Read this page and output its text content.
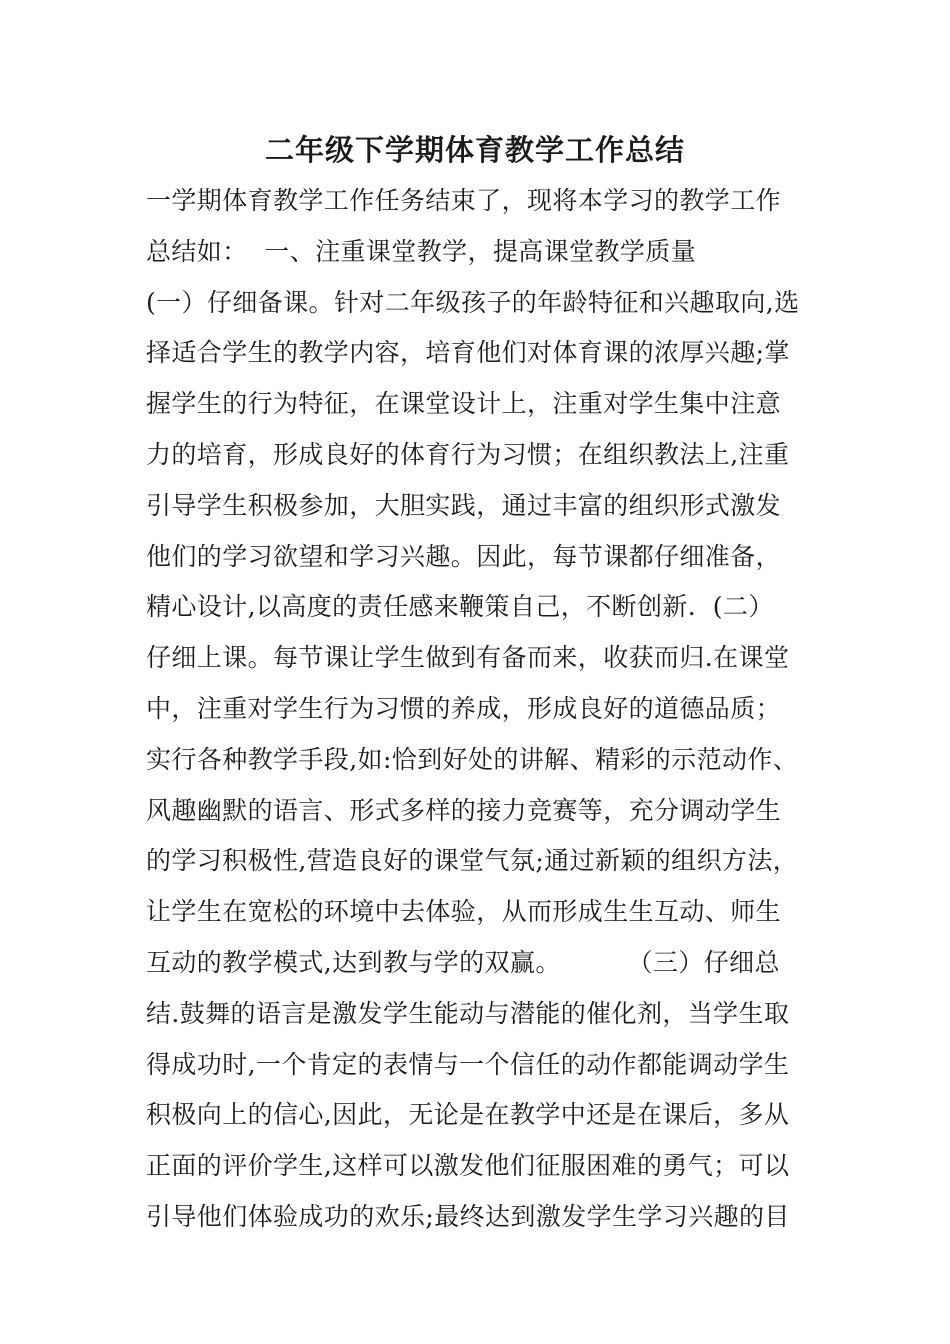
二年级下学期体育教学工作总结
一学期体育教学工作任务结束了，现将本学习的教学工作
总结如：  一、注重课堂教学，提高课堂教学质量
(一）仔细备课。针对二年级孩子的年龄特征和兴趣取向,选
择适合学生的教学内容，培育他们对体育课的浓厚兴趣;掌
握学生的行为特征，在课堂设计上，注重对学生集中注意
力的培育，形成良好的体育行为习惯；在组织教法上,注重
引导学生积极参加，大胆实践，通过丰富的组织形式激发
他们的学习欲望和学习兴趣。因此，每节课都仔细准备，
精心设计,以高度的责任感来鞭策自己，不断创新.  (二）
仔细上课。每节课让学生做到有备而来，收获而归.在课堂
中，注重对学生行为习惯的养成，形成良好的道德品质；
实行各种教学手段,如:恰到好处的讲解、精彩的示范动作、
风趣幽默的语言、形式多样的接力竞赛等，充分调动学生
的学习积极性,营造良好的课堂气氛;通过新颖的组织方法，
让学生在宽松的环境中去体验，从而形成生生互动、师生
互动的教学模式,达到教与学的双赢。        （三）仔细总
结.鼓舞的语言是激发学生能动与潜能的催化剂，当学生取
得成功时,一个肯定的表情与一个信任的动作都能调动学生
积极向上的信心,因此，无论是在教学中还是在课后，多从
正面的评价学生,这样可以激发他们征服困难的勇气；可以
引导他们体验成功的欢乐;最终达到激发学生学习兴趣的目
